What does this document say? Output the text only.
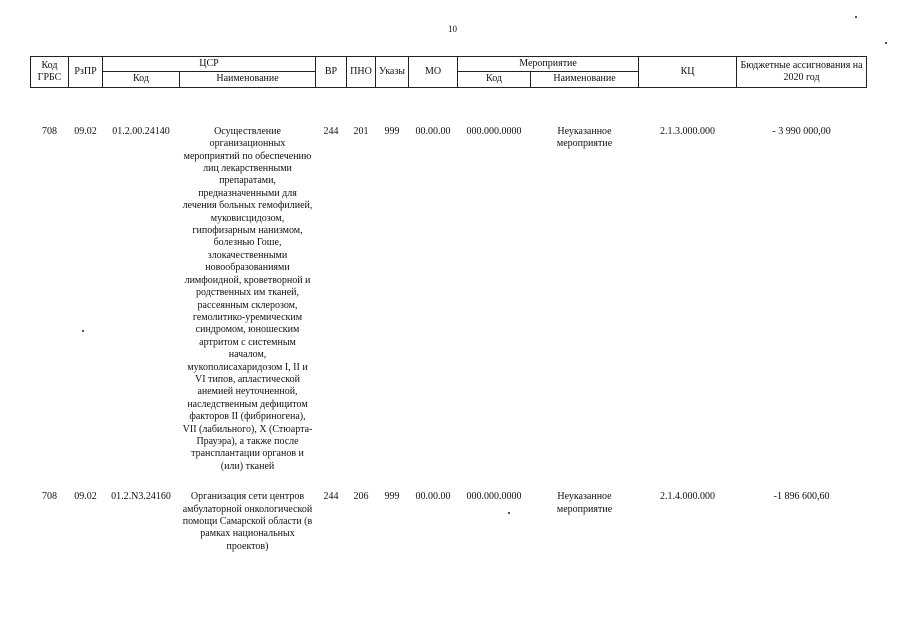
10
Код ГРБС	РзПР	ЦСР		ВР	ПНО	Указы	МО	Мероприятие		КЦ	Бюджетные ассигнования на 2020 год
		Код	Наименование					Код	Наименование		

708	09.02	01.2.00.24140	Осуществление организационных мероприятий по обеспечению лиц лекарственными препаратами, предназначенными для лечения больных гемофилией, муковисцидозом, гипофизарным нанизмом, болезнью Гоше, злокачественными новообразованиями лимфоидной, кроветворной и родственных им тканей, рассеянным склерозом, гемолитико-уремическим синдромом, юношеским артритом с системным началом, мукополисахаридозом I, II и VI типов, апластической анемией неуточненной, наследственным дефицитом факторов II (фибриногена), VII (лабильного), X (Стюарта-Прауэра), а также после трансплантации органов и (или) тканей	244	201	999	00.00.00	000.000.0000	Неуказанное мероприятие	2.1.3.000.000	- 3 990 000,00

708	09.02	01.2.N3.24160	Организация сети центров амбулаторной онкологической помощи Самарской области (в рамках национальных проектов)	244	206	999	00.00.00	000.000.0000	Неуказанное мероприятие	2.1.4.000.000	-1 896 600,60
